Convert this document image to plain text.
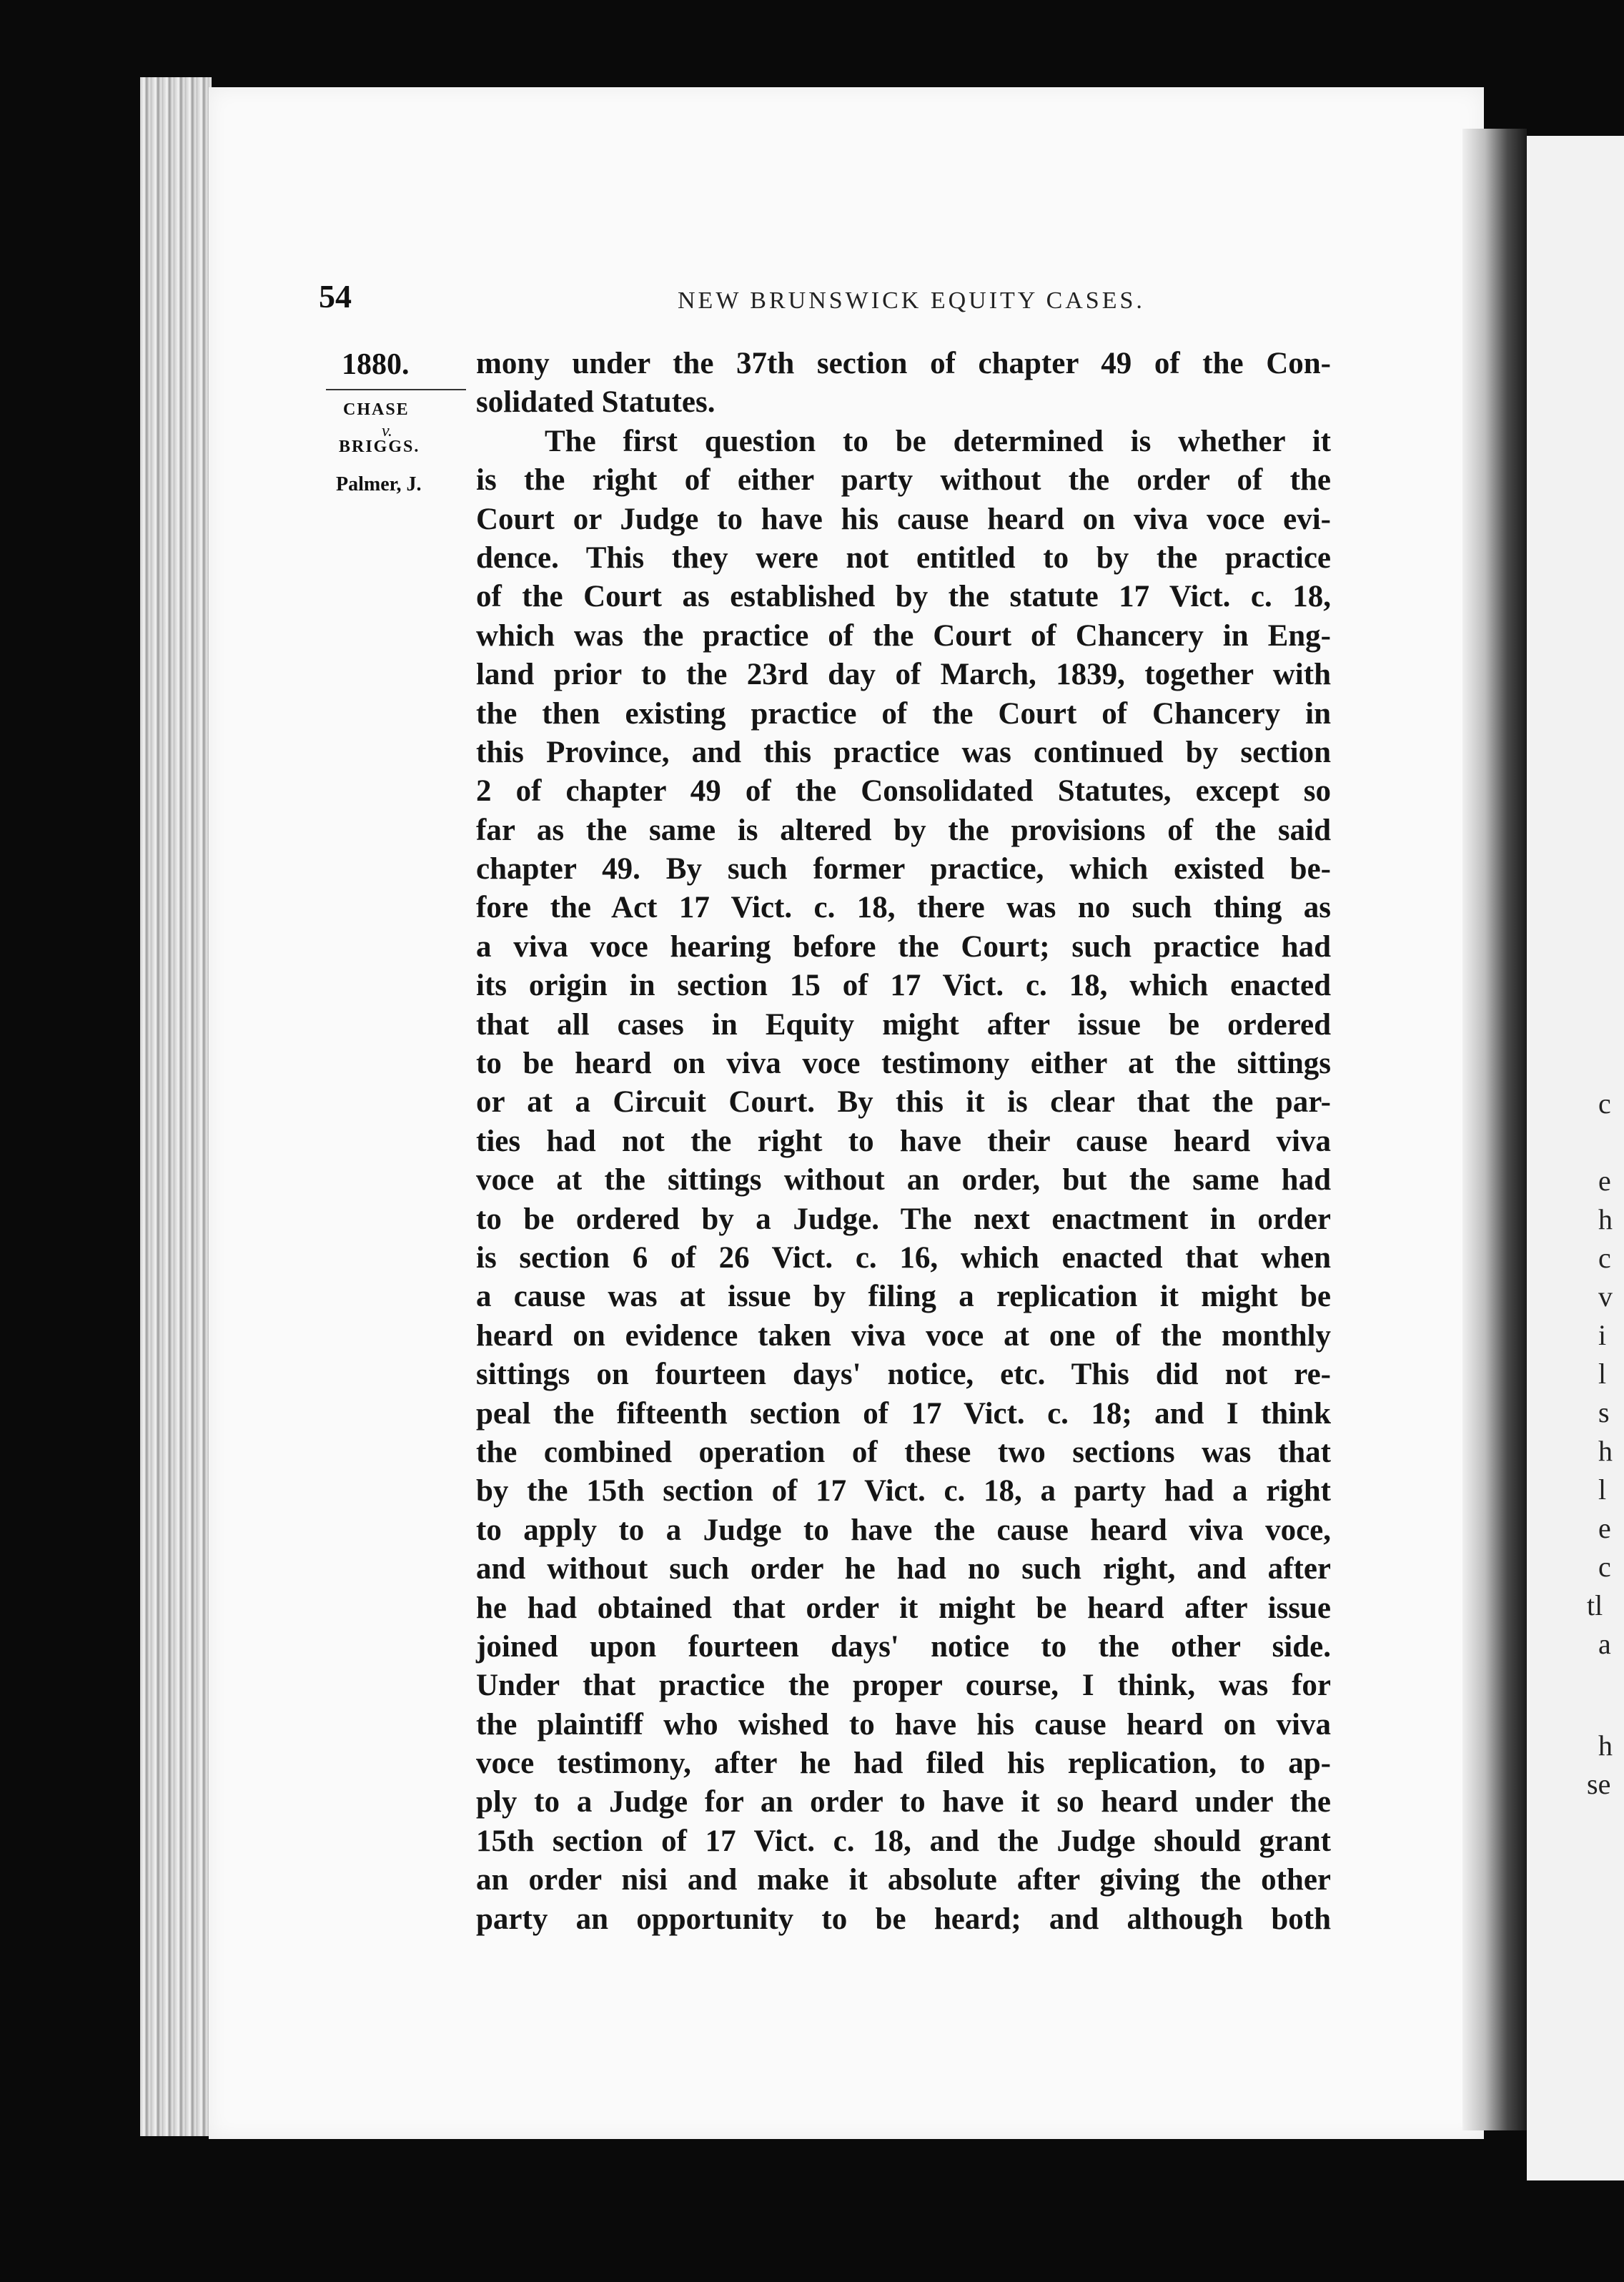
c
e
h
c
v
i
l
s
h
l
e
c
tl
a
h
se
54	NEW BRUNSWICK EQUITY CASES.
1880.
CHASE
v.
BRIGGS.
Palmer, J.
mony under the 37th section of chapter 49 of the Con-
solidated Statutes.
The first question to be determined is whether it
is the right of either party without the order of the
Court or Judge to have his cause heard on viva voce evi-
dence. This they were not entitled to by the practice
of the Court as established by the statute 17 Vict. c. 18,
which was the practice of the Court of Chancery in Eng-
land prior to the 23rd day of March, 1839, together with
the then existing practice of the Court of Chancery in
this Province, and this practice was continued by section
2 of chapter 49 of the Consolidated Statutes, except so
far as the same is altered by the provisions of the said
chapter 49. By such former practice, which existed be-
fore the Act 17 Vict. c. 18, there was no such thing as
a viva voce hearing before the Court; such practice had
its origin in section 15 of 17 Vict. c. 18, which enacted
that all cases in Equity might after issue be ordered
to be heard on viva voce testimony either at the sittings
or at a Circuit Court. By this it is clear that the par-
ties had not the right to have their cause heard viva
voce at the sittings without an order, but the same had
to be ordered by a Judge. The next enactment in order
is section 6 of 26 Vict. c. 16, which enacted that when
a cause was at issue by filing a replication it might be
heard on evidence taken viva voce at one of the monthly
sittings on fourteen days' notice, etc. This did not re-
peal the fifteenth section of 17 Vict. c. 18; and I think
the combined operation of these two sections was that
by the 15th section of 17 Vict. c. 18, a party had a right
to apply to a Judge to have the cause heard viva voce,
and without such order he had no such right, and after
he had obtained that order it might be heard after issue
joined upon fourteen days' notice to the other side.
Under that practice the proper course, I think, was for
the plaintiff who wished to have his cause heard on viva
voce testimony, after he had filed his replication, to ap-
ply to a Judge for an order to have it so heard under the
15th section of 17 Vict. c. 18, and the Judge should grant
an order nisi and make it absolute after giving the other
party an opportunity to be heard; and although both
